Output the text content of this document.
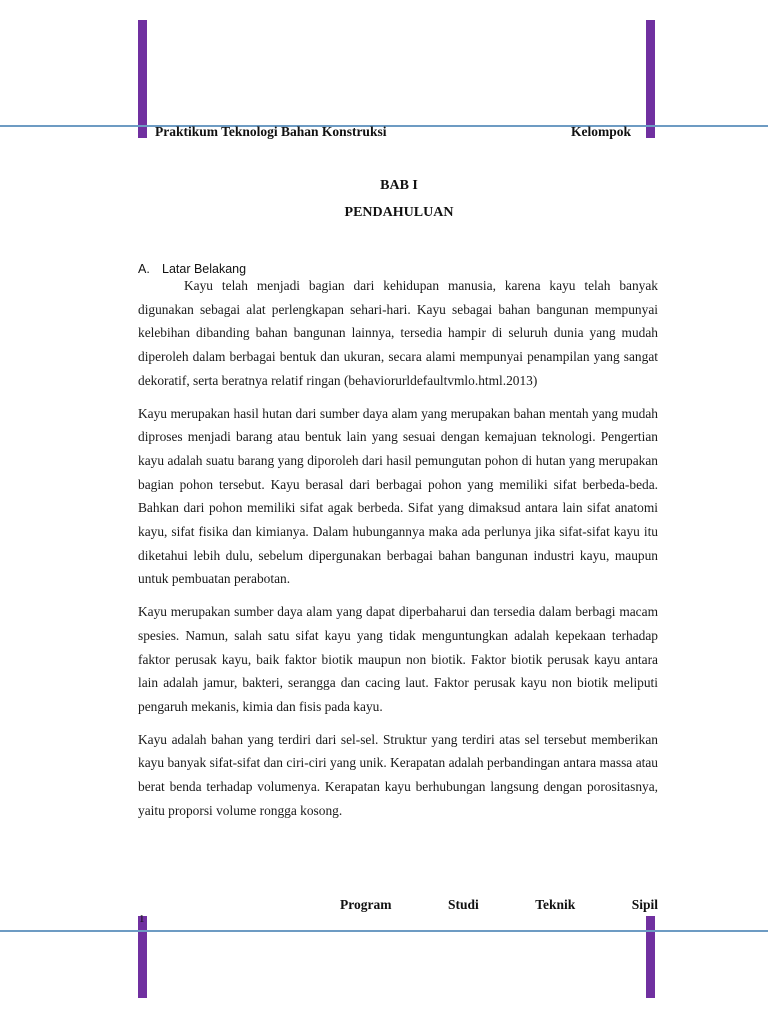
Praktikum Teknologi Bahan Konstruksi	Kelompok
BAB I
PENDAHULUAN
A. Latar Belakang

Kayu telah menjadi bagian dari kehidupan manusia, karena kayu telah banyak digunakan sebagai alat perlengkapan sehari-hari. Kayu sebagai bahan bangunan mempunyai kelebihan dibanding bahan bangunan lainnya, tersedia hampir di seluruh dunia yang mudah diperoleh dalam berbagai bentuk dan ukuran, secara alami mempunyai penampilan yang sangat dekoratif, serta beratnya relatif ringan (behaviorurldefaultvmlo.html.2013)

Kayu merupakan hasil hutan dari sumber daya alam yang merupakan bahan mentah yang mudah diproses menjadi barang atau bentuk lain yang sesuai dengan kemajuan teknologi. Pengertian kayu adalah suatu barang yang diporoleh dari hasil pemungutan pohon di hutan yang merupakan bagian pohon tersebut. Kayu berasal dari berbagai pohon yang memiliki sifat berbeda-beda. Bahkan dari pohon memiliki sifat agak berbeda. Sifat yang dimaksud antara lain sifat anatomi kayu, sifat fisika dan kimianya. Dalam hubungannya maka ada perlunya jika sifat-sifat kayu itu diketahui lebih dulu, sebelum dipergunakan berbagai bahan bangunan industri kayu, maupun untuk pembuatan perabotan.

Kayu merupakan sumber daya alam yang dapat diperbaharui dan tersedia dalam berbagi macam spesies. Namun, salah satu sifat kayu yang tidak menguntungkan adalah kepekaan terhadap faktor perusak kayu, baik faktor biotik maupun non biotik. Faktor biotik perusak kayu antara lain adalah jamur, bakteri, serangga dan cacing laut. Faktor perusak kayu non biotik meliputi pengaruh mekanis, kimia dan fisis pada kayu.

Kayu adalah bahan yang terdiri dari sel-sel. Struktur yang terdiri atas sel tersebut memberikan kayu banyak sifat-sifat dan ciri-ciri yang unik. Kerapatan adalah perbandingan antara massa atau berat benda terhadap volumenya. Kerapatan kayu berhubungan langsung dengan porositasnya, yaitu proporsi volume rongga kosong.

Program	Studi	Teknik	Sipil
1
